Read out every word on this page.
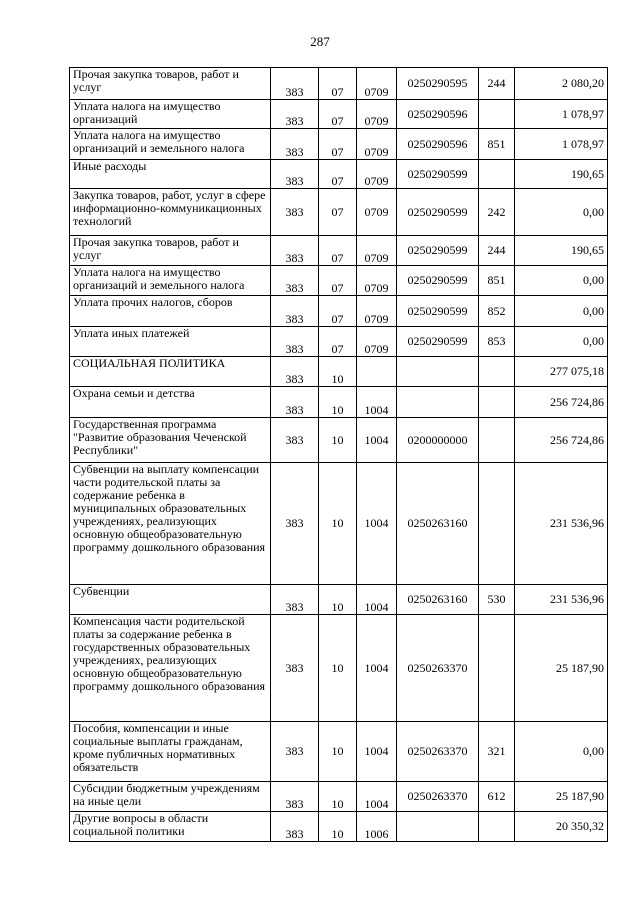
287
Прочая закупка товаров, работ и услуг	383	07	0709	0250290595	244	2 080,20
Уплата налога на имущество организаций	383	07	0709	0250290596		1 078,97
Уплата налога на имущество организаций и земельного налога	383	07	0709	0250290596	851	1 078,97
Иные расходы	383	07	0709	0250290599		190,65
Закупка товаров, работ, услуг в сфере информационно-коммуникационных технологий	383	07	0709	0250290599	242	0,00
Прочая закупка товаров, работ и услуг	383	07	0709	0250290599	244	190,65
Уплата налога на имущество организаций и земельного налога	383	07	0709	0250290599	851	0,00
Уплата прочих налогов, сборов	383	07	0709	0250290599	852	0,00
Уплата иных платежей	383	07	0709	0250290599	853	0,00
СОЦИАЛЬНАЯ ПОЛИТИКА	383	10				277 075,18
Охрана семьи и детства	383	10	1004			256 724,86
Государственная программа "Развитие образования Чеченской Республики"	383	10	1004	0200000000		256 724,86
Субвенции на выплату компенсации части родительской платы за содержание ребенка в муниципальных образовательных учреждениях, реализующих основную общеобразовательную программу дошкольного образования	383	10	1004	0250263160		231 536,96
Субвенции	383	10	1004	0250263160	530	231 536,96
Компенсация части родительской платы за содержание ребенка в государственных образовательных учреждениях, реализующих основную общеобразовательную программу дошкольного образования	383	10	1004	0250263370		25 187,90
Пособия, компенсации и иные социальные выплаты гражданам, кроме публичных нормативных обязательств	383	10	1004	0250263370	321	0,00
Субсидии бюджетным учреждениям на иные цели	383	10	1004	0250263370	612	25 187,90
Другие вопросы в области социальной политики	383	10	1006			20 350,32
